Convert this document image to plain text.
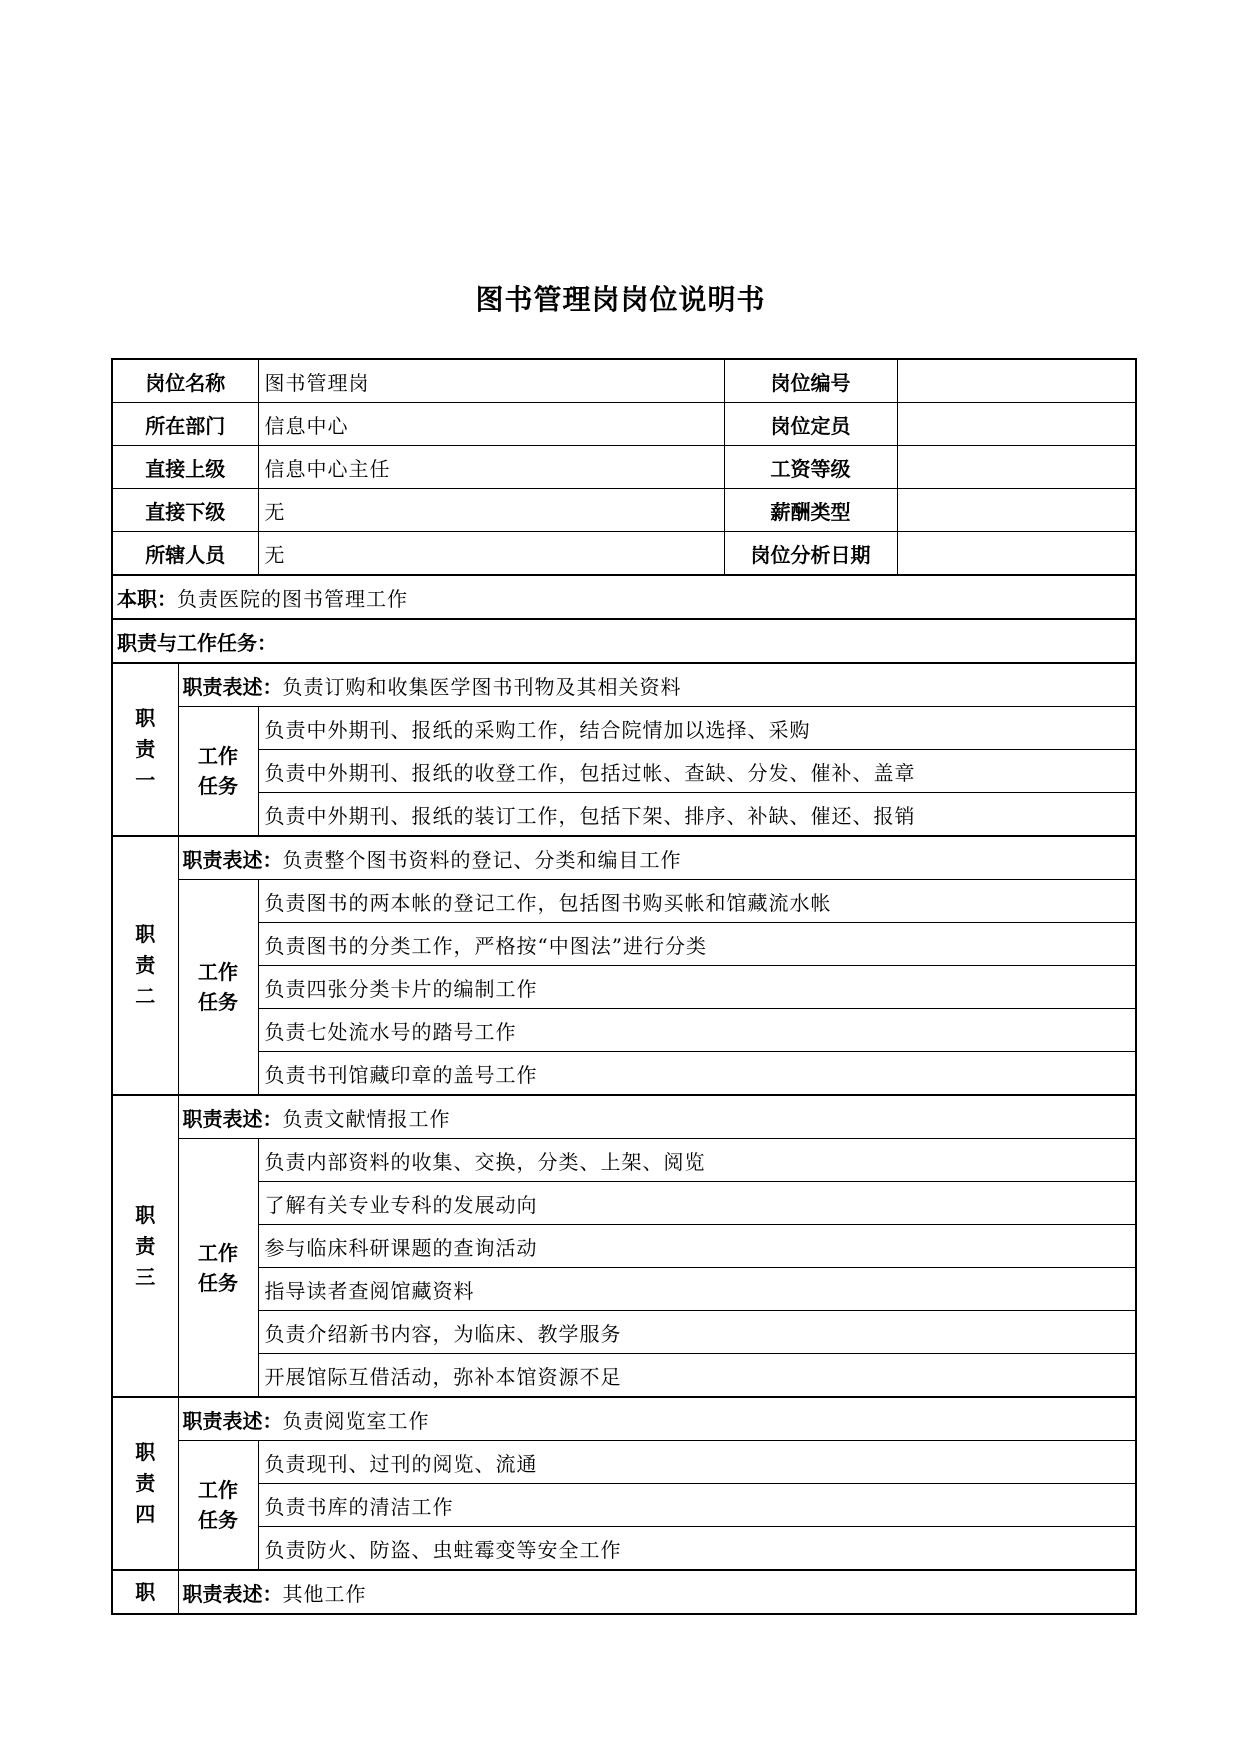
图书管理岗岗位说明书
岗位名称		图书管理岗	岗位编号	
所在部门		信息中心	岗位定员	
直接上级		信息中心主任	工资等级	
直接下级		无	薪酬类型	
所辖人员		无	岗位分析日期	
本职：负责医院的图书管理工作				
职责与工作任务：				

职
责
一	职责表述：负责订购和收集医学图书刊物及其相关资料			

	工作
任务	负责中外期刊、报纸的采购工作，结合院情加以选择、采购		
		负责中外期刊、报纸的收登工作，包括过帐、查缺、分发、催补、盖章		
		负责中外期刊、报纸的装订工作，包括下架、排序、补缺、催还、报销		

职
责
二	职责表述：负责整个图书资料的登记、分类和编目工作			

	工作
任务	负责图书的两本帐的登记工作，包括图书购买帐和馆藏流水帐		
		负责图书的分类工作，严格按“中图法”进行分类		
		负责四张分类卡片的编制工作		
		负责七处流水号的踏号工作		
		负责书刊馆藏印章的盖号工作		

职
责
三	职责表述：负责文献情报工作			

	工作
任务	负责内部资料的收集、交换，分类、上架、阅览		
		了解有关专业专科的发展动向		
		参与临床科研课题的查询活动		
		指导读者查阅馆藏资料		
		负责介绍新书内容，为临床、教学服务		
		开展馆际互借活动，弥补本馆资源不足		

职
责
四	职责表述：负责阅览室工作			

	工作
任务	负责现刊、过刊的阅览、流通		
		负责书库的清洁工作		
		负责防火、防盗、虫蛀霉变等安全工作		
职	职责表述：其他工作			
